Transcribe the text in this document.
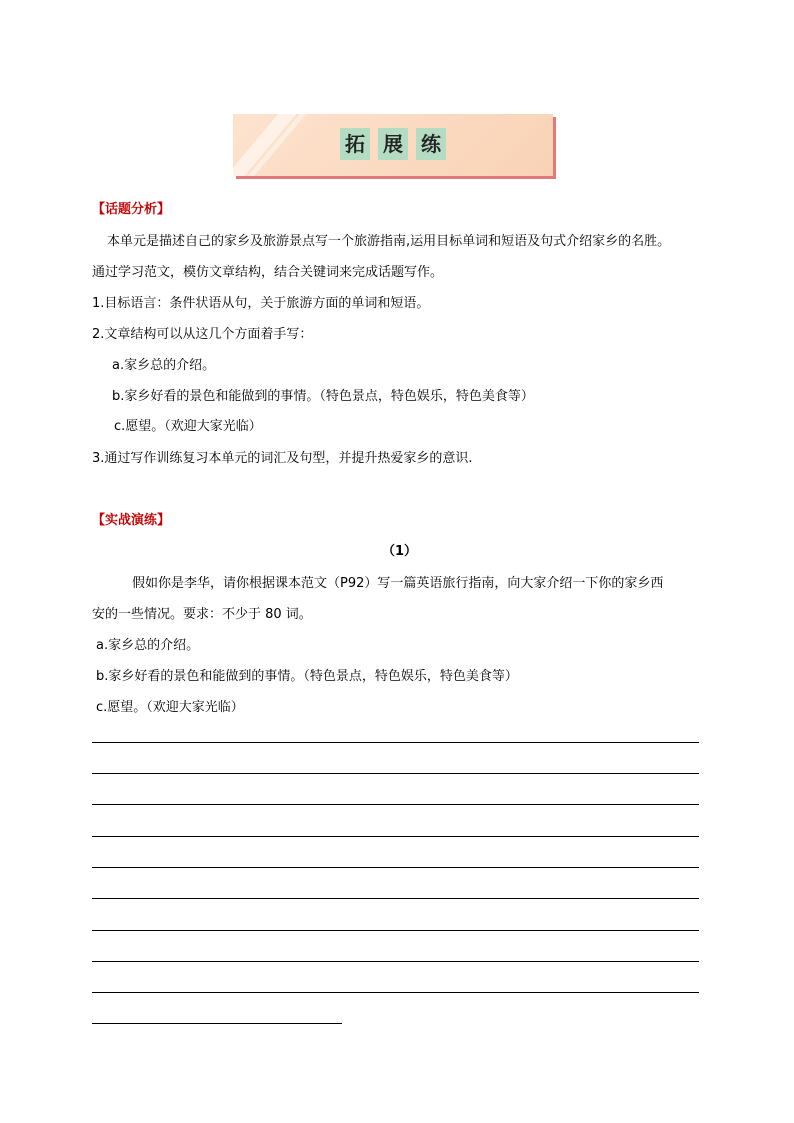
拓 展 练
【话题分析】
本单元是描述自己的家乡及旅游景点写一个旅游指南,运用目标单词和短语及句式介绍家乡的名胜。
通过学习范文，模仿文章结构，结合关键词来完成话题写作。
1.目标语言：条件状语从句，关于旅游方面的单词和短语。
2.文章结构可以从这几个方面着手写：
a.家乡总的介绍。
b.家乡好看的景色和能做到的事情。（特色景点，特色娱乐，特色美食等）
c.愿望。（欢迎大家光临）
3.通过写作训练复习本单元的词汇及句型，并提升热爱家乡的意识.
【实战演练】
（1）
假如你是李华，请你根据课本范文（P92）写一篇英语旅行指南，向大家介绍一下你的家乡西
安的一些情况。要求：不少于 80 词。
a.家乡总的介绍。
b.家乡好看的景色和能做到的事情。（特色景点，特色娱乐，特色美食等）
c.愿望。（欢迎大家光临）
